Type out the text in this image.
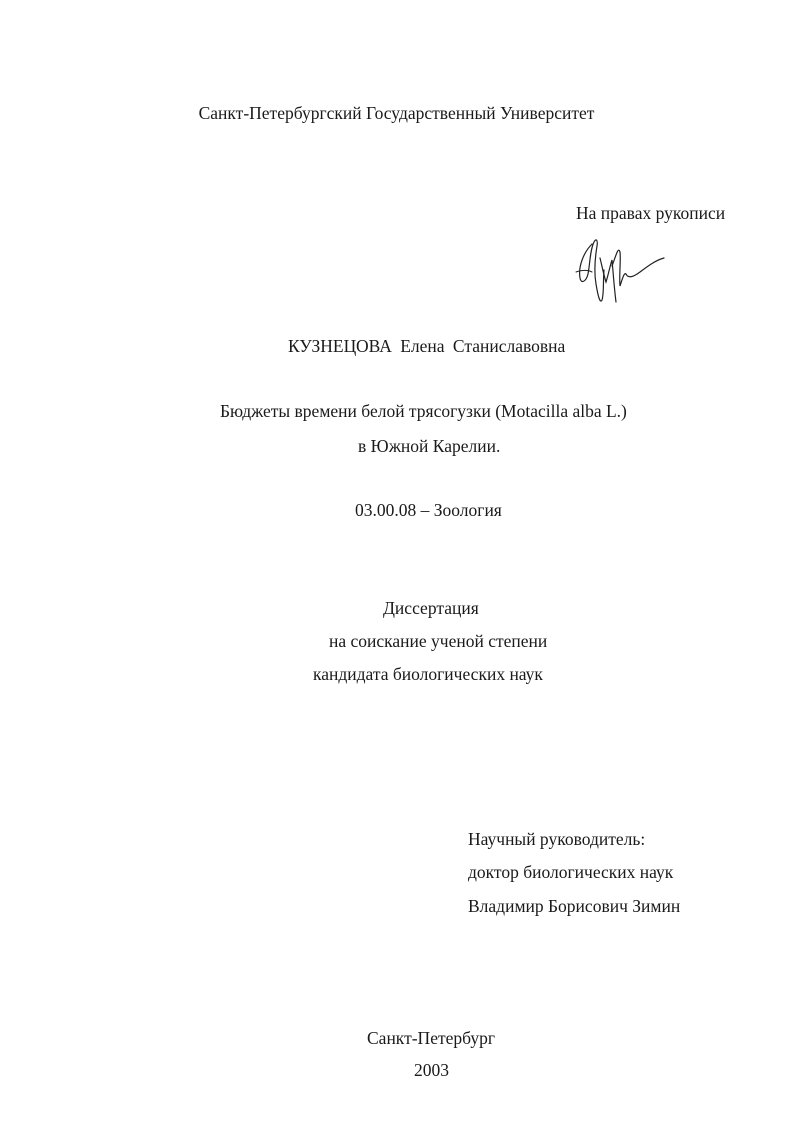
Санкт-Петербургский Государственный Университет
На правах рукописи
КУЗНЕЦОВА Елена Станиславовна
Бюджеты времени белой трясогузки (Motacilla alba L.)
в Южной Карелии.
03.00.08 – Зоология
Диссертация
на соискание ученой степени
кандидата биологических наук
Научный руководитель:
доктор биологических наук
Владимир Борисович Зимин
Санкт-Петербург
2003
